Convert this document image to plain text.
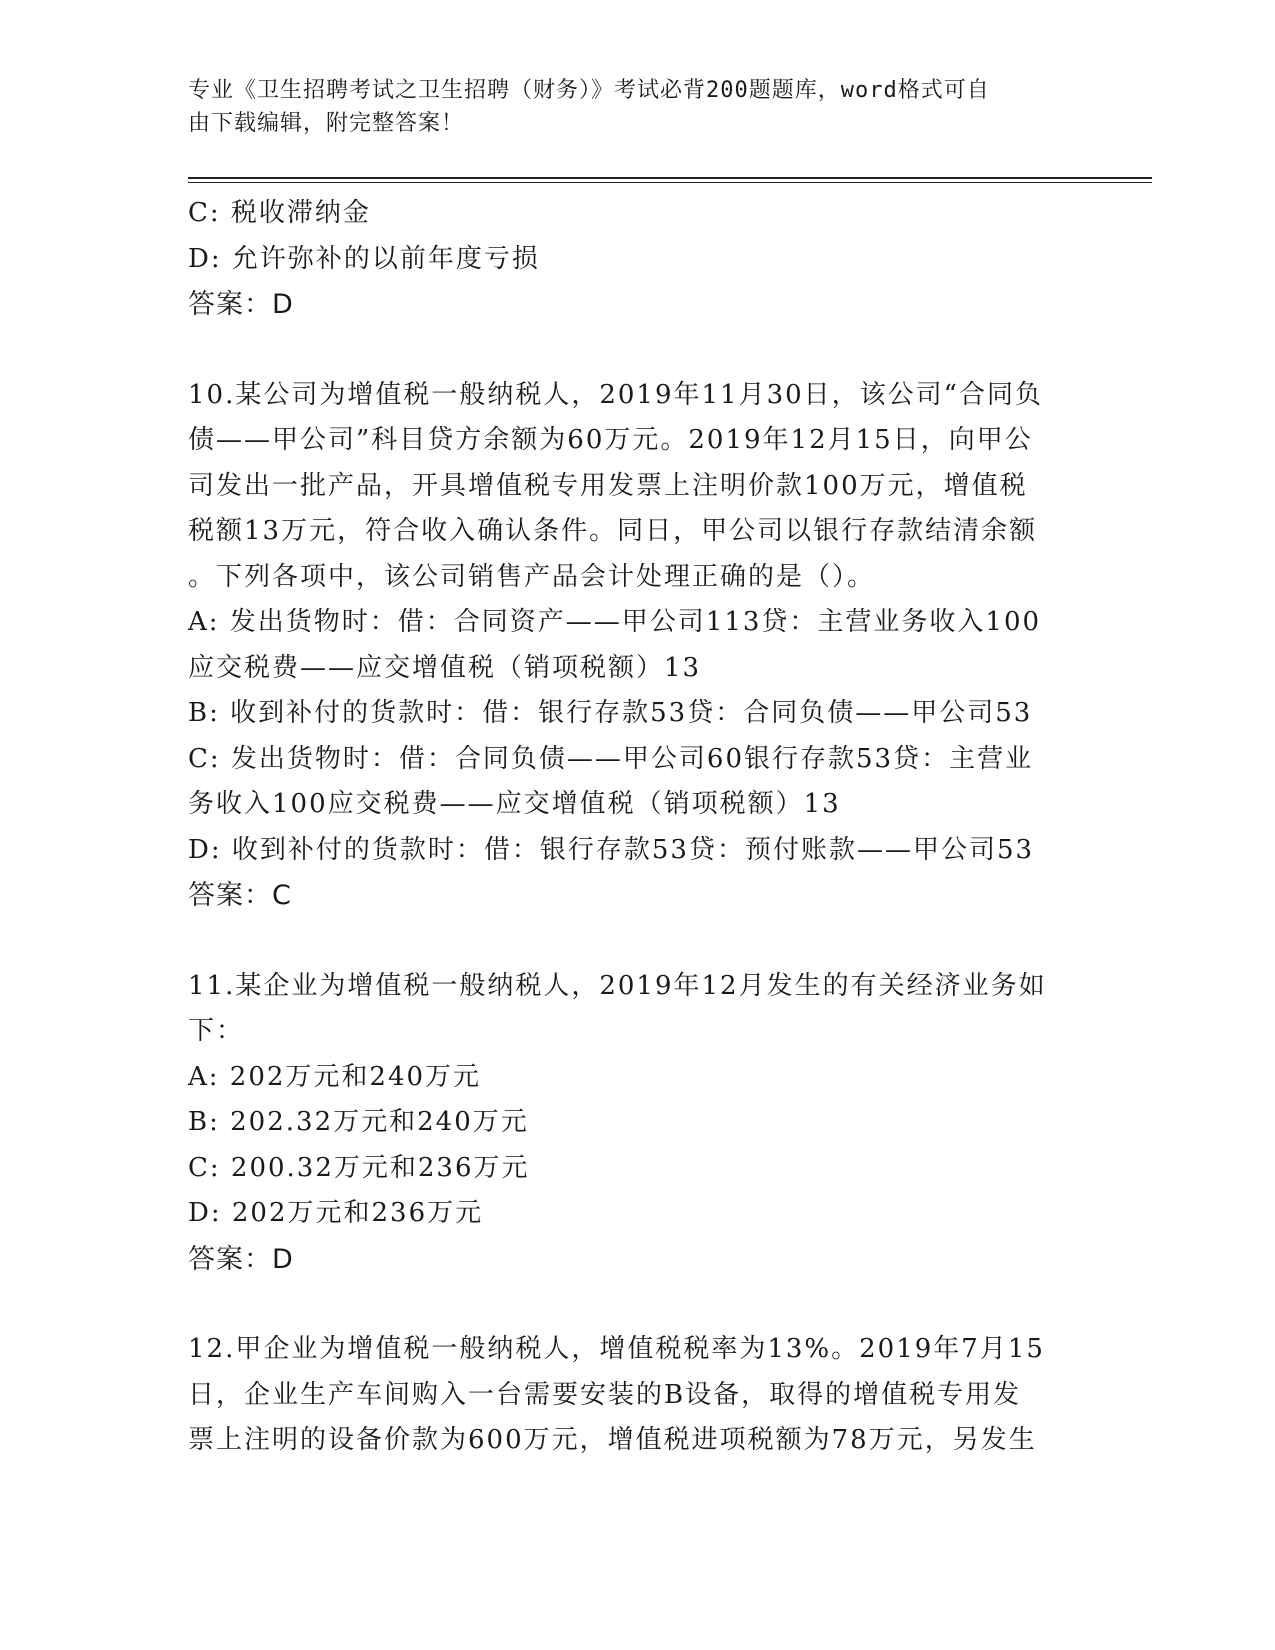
专业《卫生招聘考试之卫生招聘（财务）》考试必背200题题库，word格式可自
由下载编辑，附完整答案！
C: 税收滞纳金
D: 允许弥补的以前年度亏损
答案：D
10.某公司为增值税一般纳税人，2019年11月30日，该公司“合同负
债——甲公司”科目贷方余额为60万元。2019年12月15日，向甲公
司发出一批产品，开具增值税专用发票上注明价款100万元，增值税
税额13万元，符合收入确认条件。同日，甲公司以银行存款结清余额
。下列各项中，该公司销售产品会计处理正确的是（）。
A: 发出货物时：借：合同资产——甲公司113贷：主营业务收入100
应交税费——应交增值税（销项税额）13
B: 收到补付的货款时：借：银行存款53贷：合同负债——甲公司53
C: 发出货物时：借：合同负债——甲公司60银行存款53贷：主营业
务收入100应交税费——应交增值税（销项税额）13
D: 收到补付的货款时：借：银行存款53贷：预付账款——甲公司53
答案：C
11.某企业为增值税一般纳税人，2019年12月发生的有关经济业务如
下：
A: 202万元和240万元
B: 202.32万元和240万元
C: 200.32万元和236万元
D: 202万元和236万元
答案：D
12.甲企业为增值税一般纳税人，增值税税率为13%。2019年7月15
日，企业生产车间购入一台需要安装的B设备，取得的增值税专用发
票上注明的设备价款为600万元，增值税进项税额为78万元，另发生
